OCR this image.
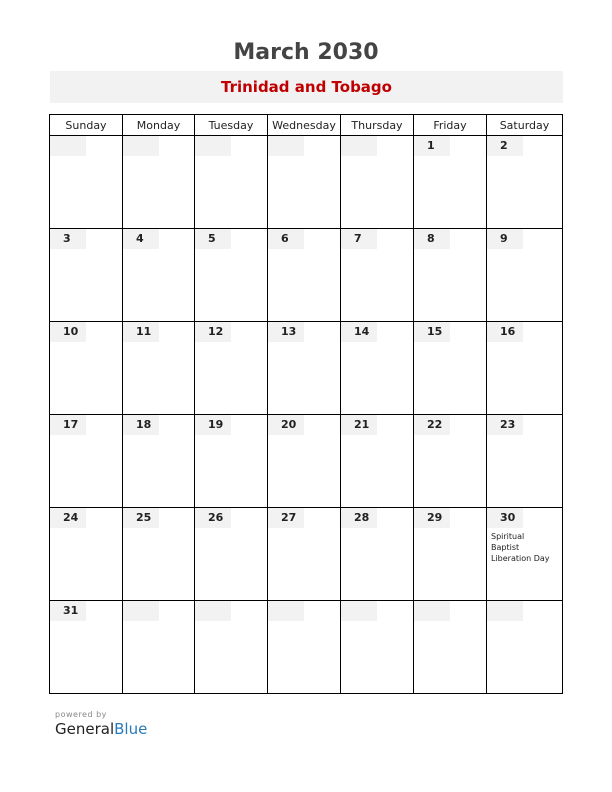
March 2030
Trinidad and Tobago
Sunday	Monday	Tuesday	Wednesday	Thursday	Friday	Saturday

					1	2

3	4	5	6	7	8	9

10	11	12	13	14	15	16

17	18	19	20	21	22	23

24	25	26	27	28	29	30
Spiritual
Baptist
Liberation Day

31						

powered by
GeneralBlue
